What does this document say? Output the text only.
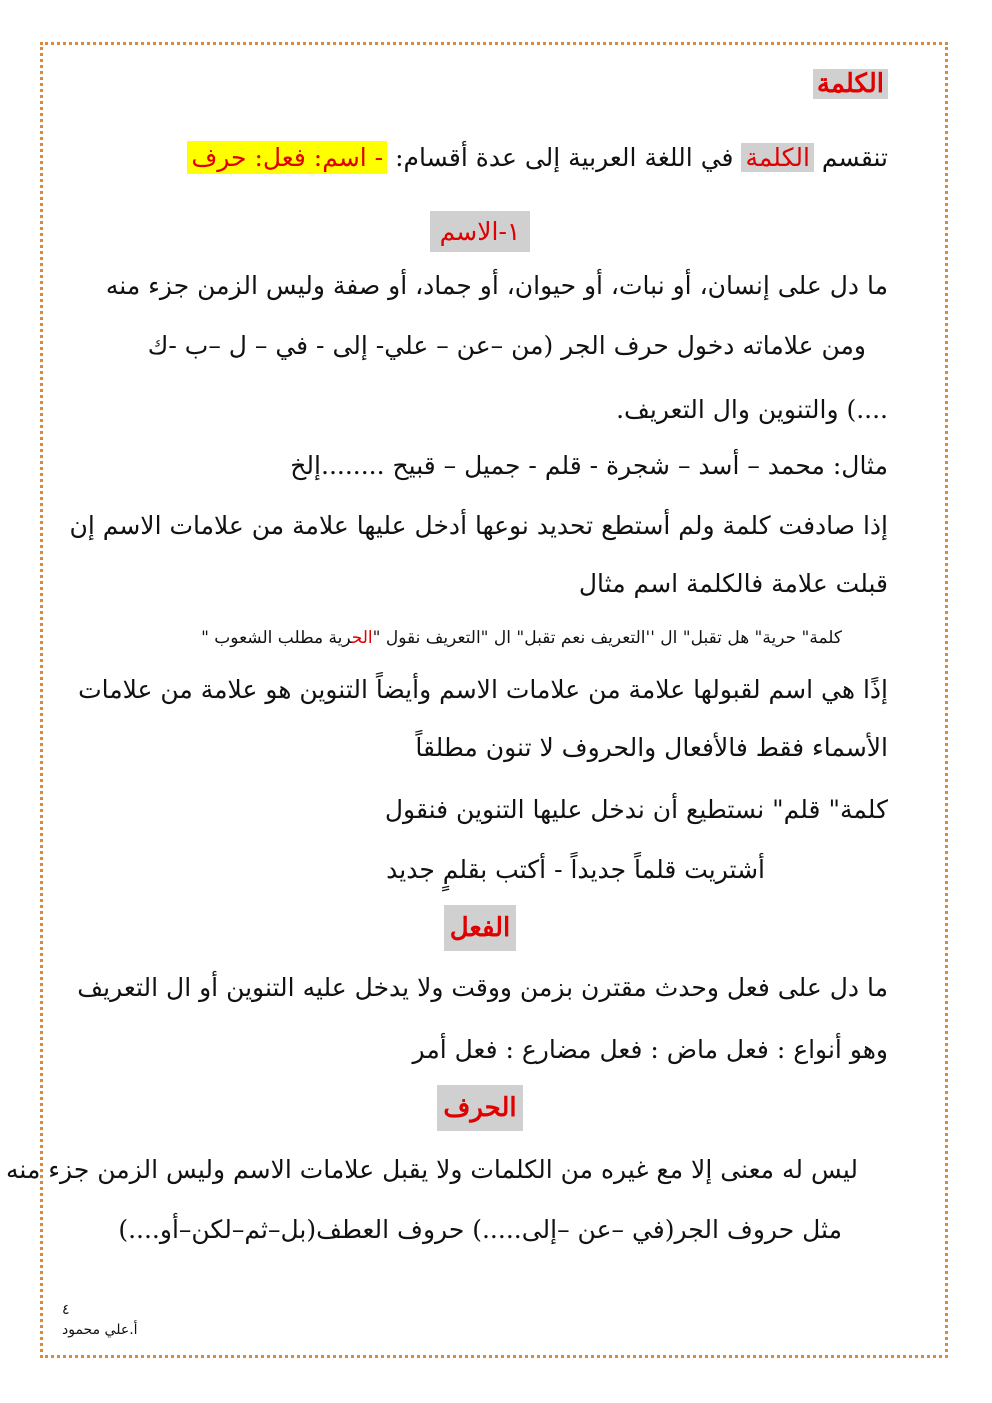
الكلمة
تنقسم الكلمة في اللغة العربية إلى عدة أقسام: - اسم: فعل: حرف
١-الاسم
ما دل على إنسان، أو نبات، أو حيوان، أو جماد، أو صفة وليس الزمن جزء منه
ومن علاماته دخول حرف الجر (من –عن – علي- إلى - في – ل –ب -ك
....) والتنوين وال التعريف.
مثال: محمد – أسد – شجرة - قلم - جميل – قبيح ........إلخ
إذا صادفت كلمة ولم أستطع تحديد نوعها أدخل عليها علامة من علامات الاسم إن
قبلت علامة فالكلمة اسم مثال
كلمة" حرية" هل تقبل" ال ''التعريف نعم تقبل" ال "التعريف نقول "الحرية مطلب الشعوب "
إذًا هي اسم لقبولها علامة من علامات الاسم وأيضاً التنوين هو علامة من علامات
الأسماء فقط فالأفعال والحروف لا تنون مطلقاً
كلمة" قلم" نستطيع أن ندخل عليها التنوين فنقول
أشتريت قلماً جديداً - أكتب بقلمٍ جديد
الفعل
ما دل على فعل وحدث مقترن بزمن ووقت ولا يدخل عليه التنوين أو ال التعريف
وهو أنواع : فعل ماض : فعل مضارع : فعل أمر
الحرف
ليس له معنى إلا مع غيره من الكلمات ولا يقبل علامات الاسم وليس الزمن جزء منه
مثل حروف الجر(في –عن –إلى.....) حروف العطف(بل–ثم–لكن–أو....)
٤
أ.علي محمود
